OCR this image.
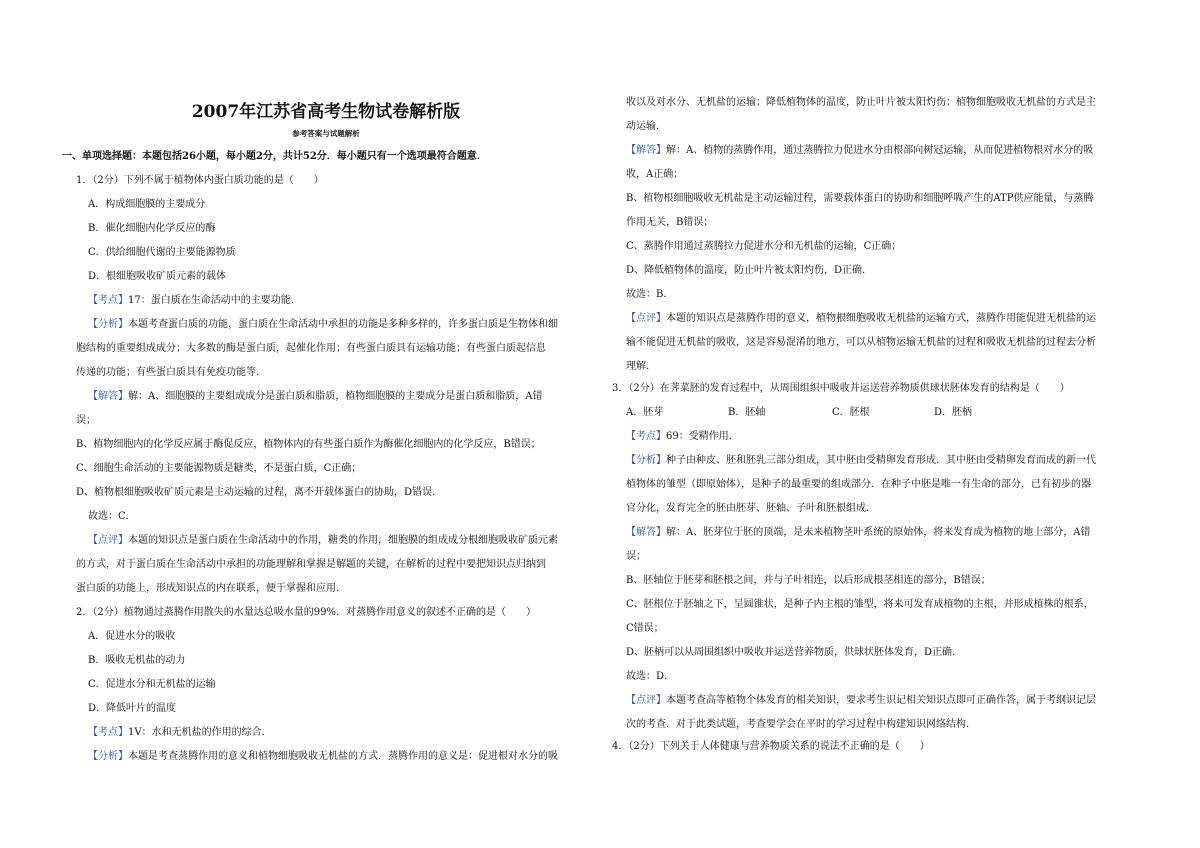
2007年江苏省高考生物试卷解析版
参考答案与试题解析
一、单项选择题：本题包括26小题，每小题2分，共计52分．每小题只有一个选项最符合题意．
1．（2分）下列不属于植物体内蛋白质功能的是（　　）
A．构成细胞膜的主要成分
B．催化细胞内化学反应的酶
C．供给细胞代谢的主要能源物质
D．根细胞吸收矿质元素的载体
【考点】17：蛋白质在生命活动中的主要功能．
【分析】本题考查蛋白质的功能，蛋白质在生命活动中承担的功能是多种多样的，许多蛋白质是生物体和细
胞结构的重要组成成分；大多数的酶是蛋白质，起催化作用；有些蛋白质具有运输功能；有些蛋白质起信息
传递的功能；有些蛋白质具有免疫功能等．
【解答】解：A、细胞膜的主要组成成分是蛋白质和脂质，植物细胞膜的主要成分是蛋白质和脂质，A错
误；
B、植物细胞内的化学反应属于酶促反应，植物体内的有些蛋白质作为酶催化细胞内的化学反应，B错误；
C、细胞生命活动的主要能源物质是糖类，不是蛋白质，C正确；
D、植物根细胞吸收矿质元素是主动运输的过程，离不开载体蛋白的协助，D错误．
故选：C．
【点评】本题的知识点是蛋白质在生命活动中的作用，糖类的作用，细胞膜的组成成分根细胞吸收矿质元素
的方式，对于蛋白质在生命活动中承担的功能理解和掌握是解题的关键，在解析的过程中要把知识点归纳到
蛋白质的功能上，形成知识点的内在联系，便于掌握和应用．
2．（2分）植物通过蒸腾作用散失的水量达总吸水量的99%．对蒸腾作用意义的叙述不正确的是（　　）
A．促进水分的吸收
B．吸收无机盐的动力
C．促进水分和无机盐的运输
D．降低叶片的温度
【考点】1V：水和无机盐的作用的综合．
【分析】本题是考查蒸腾作用的意义和植物细胞吸收无机盐的方式．蒸腾作用的意义是：促进根对水分的吸
收以及对水分、无机盐的运输；降低植物体的温度，防止叶片被太阳灼伤；植物细胞吸收无机盐的方式是主
动运输．
【解答】解：A、植物的蒸腾作用，通过蒸腾拉力促进水分由根部向树冠运输，从而促进植物根对水分的吸
收，A正确；
B、植物根细胞吸收无机盐是主动运输过程，需要载体蛋白的协助和细胞呼吸产生的ATP供应能量，与蒸腾
作用无关，B错误；
C、蒸腾作用通过蒸腾拉力促进水分和无机盐的运输，C正确；
D、降低植物体的温度，防止叶片被太阳灼伤，D正确．
故选：B．
【点评】本题的知识点是蒸腾作用的意义，植物根细胞吸收无机盐的运输方式，蒸腾作用能促进无机盐的运
输不能促进无机盐的吸收，这是容易混淆的地方，可以从植物运输无机盐的过程和吸收无机盐的过程去分析
理解．
3．（2分）在荠菜胚的发育过程中，从周围组织中吸收并运送营养物质供球状胚体发育的结构是（　　）
A．胚芽	B．胚轴	C．胚根	D．胚柄
【考点】69：受精作用．
【分析】种子由种皮、胚和胚乳三部分组成，其中胚由受精卵发育形成．其中胚由受精卵发育而成的新一代
植物体的雏型（即原始体），是种子的最重要的组成部分．在种子中胚是唯一有生命的部分，已有初步的器
官分化，发育完全的胚由胚芽、胚轴、子叶和胚根组成．
【解答】解：A、胚芽位于胚的顶端，是未来植物茎叶系统的原始体，将来发育成为植物的地上部分，A错
误；
B、胚轴位于胚芽和胚根之间，并与子叶相连，以后形成根茎相连的部分，B错误；
C、胚根位于胚轴之下，呈圆锥状，是种子内主根的雏型，将来可发育成植物的主根，并形成植株的根系，
C错误；
D、胚柄可以从周围组织中吸收并运送营养物质，供球状胚体发育，D正确．
故选：D．
【点评】本题考查高等植物个体发育的相关知识，要求考生识记相关知识点即可正确作答，属于考纲识记层
次的考查．对于此类试题，考查要学会在平时的学习过程中构建知识网络结构．
4．（2分）下列关于人体健康与营养物质关系的说法不正确的是（　　）
